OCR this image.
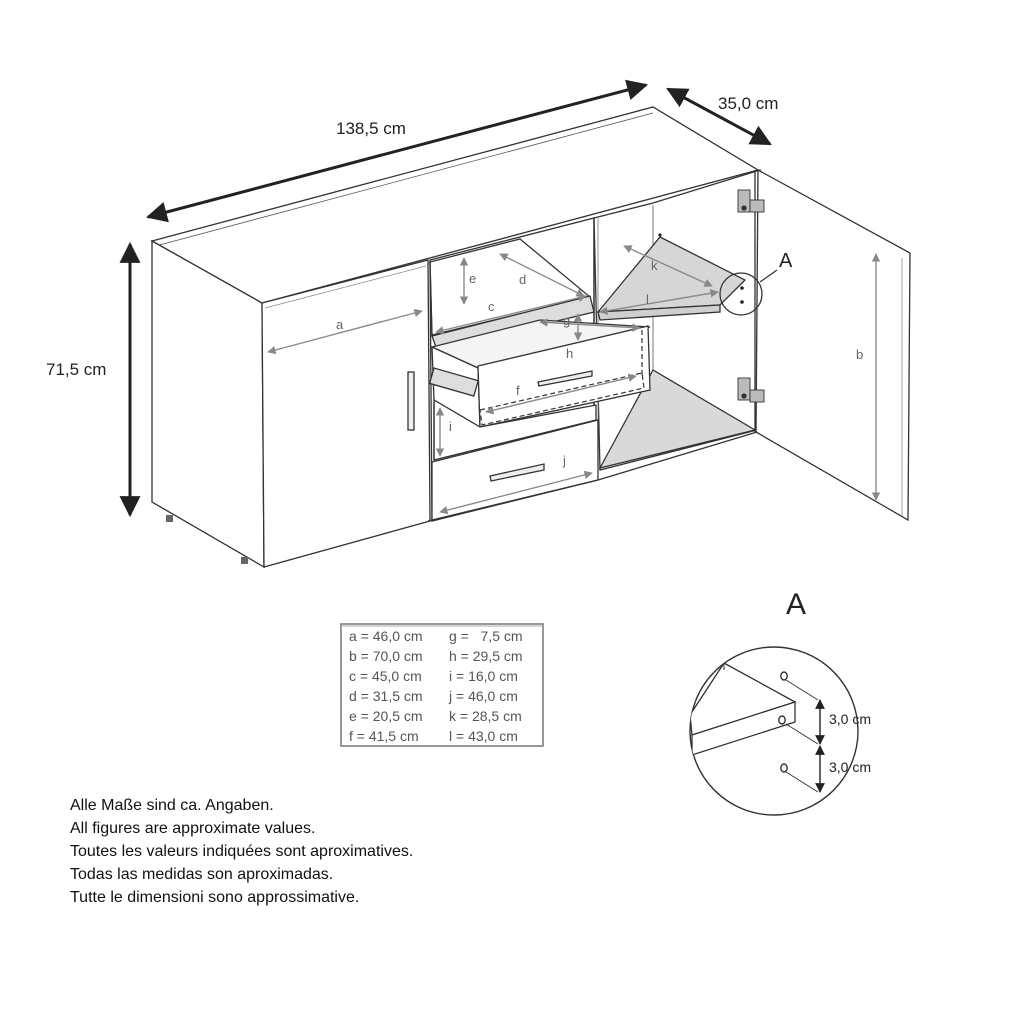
138,5 cm
35,0 cm
71,5 cm
a
b
c
d
e
f
g
h
i
j
k
l
A
a = 46,0 cm g =   7,5 cm
b = 70,0 cm h = 29,5 cm
c = 45,0 cm i = 16,0 cm
d = 31,5 cm j = 46,0 cm
e = 20,5 cm k = 28,5 cm
f = 41,5 cm l = 43,0 cm
A
3,0 cm
3,0 cm
Alle Maße sind ca. Angaben.
All figures are approximate values.
Toutes les valeurs indiquées sont aproximatives.
Todas las medidas son aproximadas.
Tutte le dimensioni sono approssimative.
